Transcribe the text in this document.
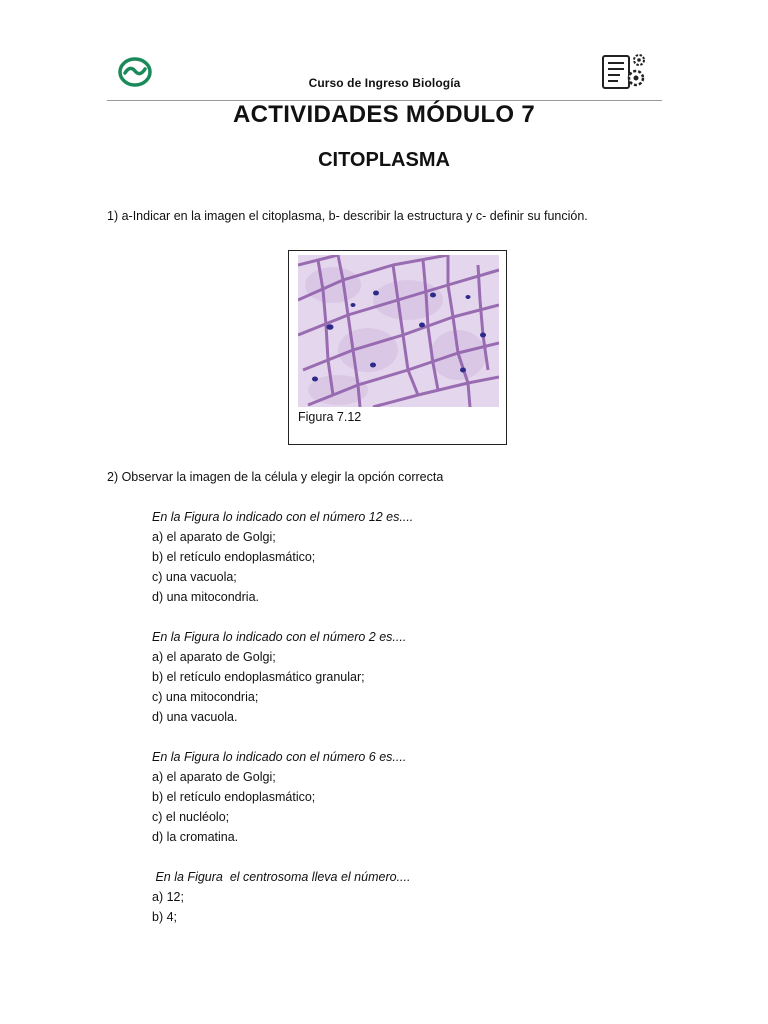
Curso de Ingreso Biología
ACTIVIDADES MÓDULO 7
CITOPLASMA
1) a-Indicar en la imagen el citoplasma, b- describir la estructura y c- definir su función.
Figura 7.12
2) Observar la imagen de la célula y elegir la opción correcta
En la Figura lo indicado con el número 12 es....
a) el aparato de Golgi;
b) el retículo endoplasmático;
c) una vacuola;
d) una mitocondria.
En la Figura lo indicado con el número 2 es....
a) el aparato de Golgi;
b) el retículo endoplasmático granular;
c) una mitocondria;
d) una vacuola.
En la Figura lo indicado con el número 6 es....
a) el aparato de Golgi;
b) el retículo endoplasmático;
c) el nucléolo;
d) la cromatina.
En la Figura  el centrosoma lleva el número....
a) 12;
b) 4;
